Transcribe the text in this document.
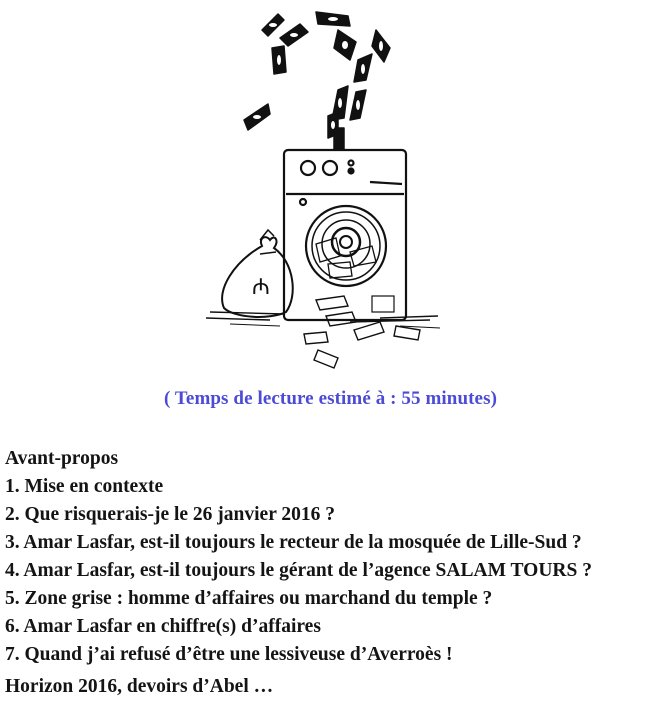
₼
( Temps de lecture estimé à : 55 minutes)
Avant-propos
1. Mise en contexte
2. Que risquerais-je le 26 janvier 2016 ?
3. Amar Lasfar, est-il toujours le recteur de la mosquée de Lille-Sud ?
4. Amar Lasfar, est-il toujours le gérant de l’agence SALAM TOURS ?
5. Zone grise : homme d’affaires ou marchand du temple ?
6. Amar Lasfar en chiffre(s) d’affaires
7. Quand j’ai refusé d’être une lessiveuse d’Averroès !
Horizon 2016, devoirs d’Abel …
